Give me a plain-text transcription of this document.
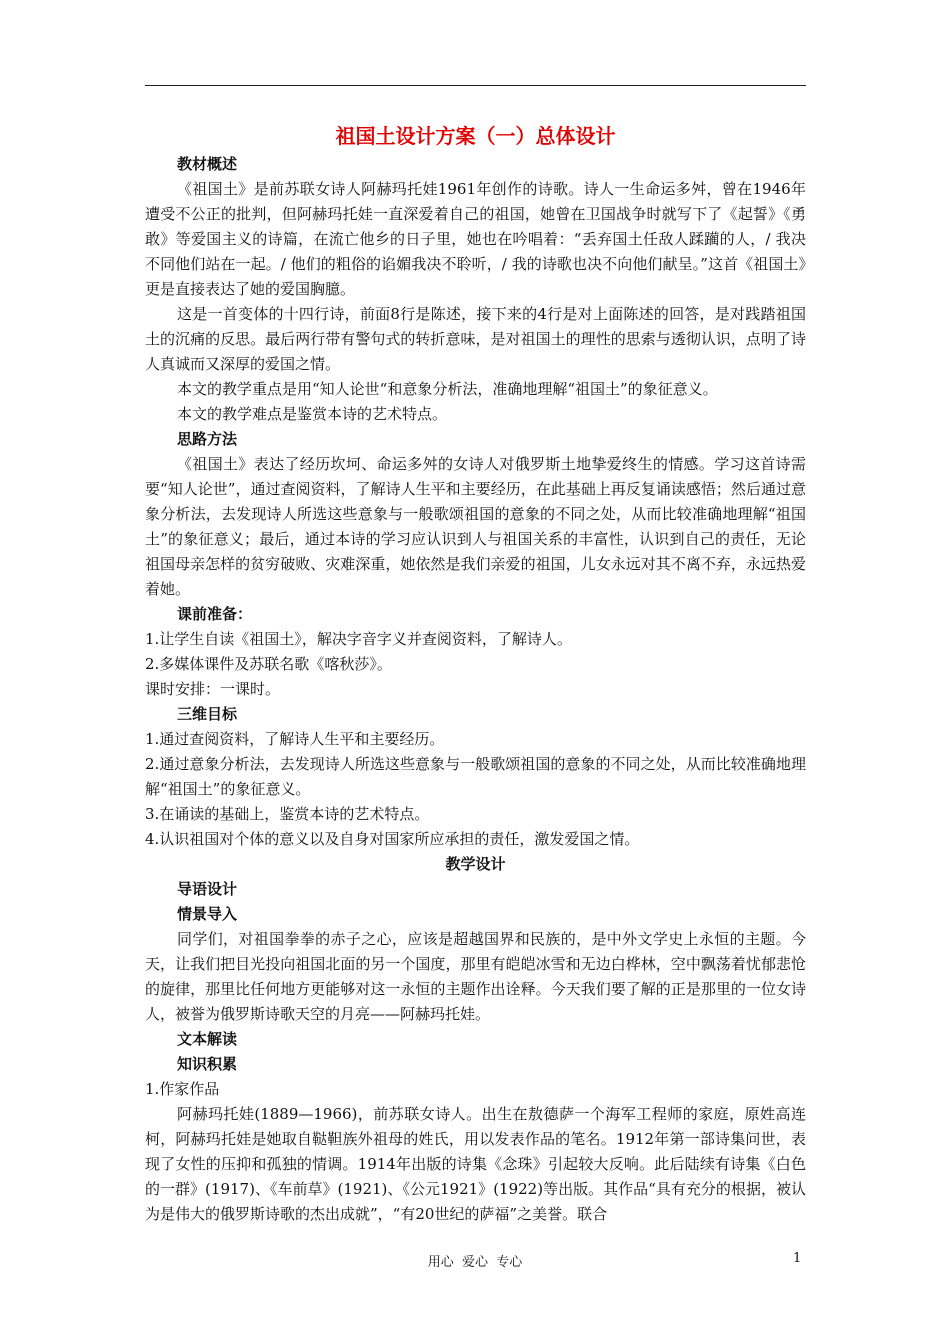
祖国土设计方案（一）总体设计
教材概述

《祖国土》是前苏联女诗人阿赫玛托娃1961年创作的诗歌。诗人一生命运多舛，曾在1946年遭受不公正的批判，但阿赫玛托娃一直深爱着自己的祖国，她曾在卫国战争时就写下了《起誓》《勇敢》等爱国主义的诗篇，在流亡他乡的日子里，她也在吟唱着：“丢弃国土任敌人蹂躏的人，/ 我决不同他们站在一起。/ 他们的粗俗的谄媚我决不聆听，/ 我的诗歌也决不向他们献呈。”这首《祖国土》更是直接表达了她的爱国胸臆。

这是一首变体的十四行诗，前面8行是陈述，接下来的4行是对上面陈述的回答，是对践踏祖国土的沉痛的反思。最后两行带有警句式的转折意味，是对祖国土的理性的思索与透彻认识，点明了诗人真诚而又深厚的爱国之情。

本文的教学重点是用“知人论世“和意象分析法，准确地理解“祖国土”的象征意义。

本文的教学难点是鉴赏本诗的艺术特点。

思路方法

《祖国土》表达了经历坎坷、命运多舛的女诗人对俄罗斯土地挚爱终生的情感。学习这首诗需要“知人论世”，通过查阅资料，了解诗人生平和主要经历，在此基础上再反复诵读感悟；然后通过意象分析法，去发现诗人所选这些意象与一般歌颂祖国的意象的不同之处，从而比较准确地理解“祖国土”的象征意义；最后，通过本诗的学习应认识到人与祖国关系的丰富性，认识到自己的责任，无论祖国母亲怎样的贫穷破败、灾难深重，她依然是我们亲爱的祖国，儿女永远对其不离不弃，永远热爱着她。

课前准备：

1.让学生自读《祖国土》，解决字音字义并查阅资料，了解诗人。

2.多媒体课件及苏联名歌《喀秋莎》。

课时安排：一课时。

三维目标

1.通过查阅资料，了解诗人生平和主要经历。

2.通过意象分析法，去发现诗人所选这些意象与一般歌颂祖国的意象的不同之处，从而比较准确地理解“祖国土”的象征意义。

3.在诵读的基础上，鉴赏本诗的艺术特点。

4.认识祖国对个体的意义以及自身对国家所应承担的责任，激发爱国之情。

教学设计
导语设计
情景导入

同学们，对祖国拳拳的赤子之心，应该是超越国界和民族的，是中外文学史上永恒的主题。今天，让我们把目光投向祖国北面的另一个国度，那里有皑皑冰雪和无边白桦林，空中飘荡着忧郁悲怆的旋律，那里比任何地方更能够对这一永恒的主题作出诠释。今天我们要了解的正是那里的一位女诗人，被誉为俄罗斯诗歌天空的月亮——阿赫玛托娃。

文本解读
知识积累

1.作家作品

阿赫玛托娃(1889—1966)，前苏联女诗人。出生在敖德萨一个海军工程师的家庭，原姓高连柯，阿赫玛托娃是她取自鞑靼族外祖母的姓氏，用以发表作品的笔名。1912年第一部诗集问世，表现了女性的压抑和孤独的情调。1914年出版的诗集《念珠》引起较大反响。此后陆续有诗集《白色的一群》(1917)、《车前草》(1921)、《公元1921》(1922)等出版。其作品“具有充分的根据，被认为是伟大的俄罗斯诗歌的杰出成就”，“有20世纪的萨福”之美誉。联合

用心  爱心  专心	1
